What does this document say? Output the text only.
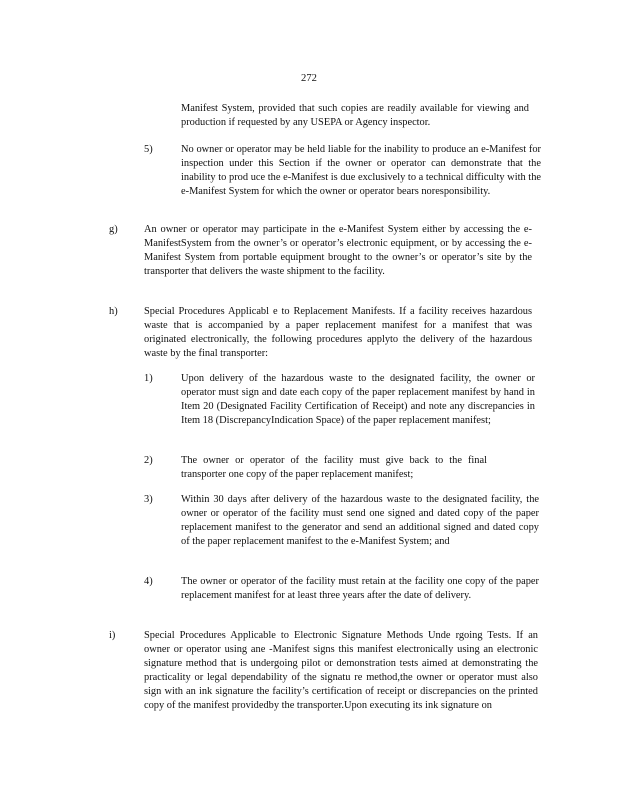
272
Manifest System, provided that such copies are readily available for viewing and production if requested by any USEPA or Agency inspector.
5)	No owner or operator may be held liable for the inability to produce an e-Manifest for inspection under this Section if the owner or operator can demonstrate that the inability to prod uce the e-Manifest is due exclusively to a technical difficulty with the e-Manifest System for which the owner or operator bears noresponsibility.
g)	An owner or operator may participate in the e-Manifest System either by accessing the e-ManifestSystem from the owner’s or operator’s electronic equipment, or by accessing the e-Manifest System from portable equipment brought to the owner’s or operator’s site by the transporter that delivers the waste shipment to the facility.
h)	Special Procedures Applicabl e to Replacement Manifests. If a facility receives hazardous waste that is accompanied by a paper replacement manifest for a manifest that was originated electronically, the following procedures applyto the delivery of the hazardous waste by the final transporter:
1)	Upon delivery of the hazardous waste to the designated facility, the owner or operator must sign and date each copy of the paper replacement manifest by hand in Item 20 (Designated Facility Certification of Receipt) and note any discrepancies in Item 18 (DiscrepancyIndication Space) of the paper replacement manifest;
2)	The owner or operator of the facility must give back to the final transporter one copy of the paper replacement manifest;
3)	Within 30 days after delivery of the hazardous waste to the designated facility, the owner or operator of the facility must send one signed and dated copy of the paper replacement manifest to the generator and send an additional signed and dated copy of the paper replacement manifest to the e-Manifest System; and
4)	The owner or operator of the facility must retain at the facility one copy of the paper replacement manifest for at least three years after the date of delivery.
i)	Special Procedures Applicable to Electronic Signature Methods Unde rgoing Tests. If an owner or operator using ane -Manifest signs this manifest electronically using an electronic signature method that is undergoing pilot or demonstration tests aimed at demonstrating the practicality or legal dependability of the signatu re method,the owner or operator must also sign with an ink signature the facility’s certification of receipt or discrepancies on the printed copy of the manifest providedby the transporter.Upon executing its ink signature on
